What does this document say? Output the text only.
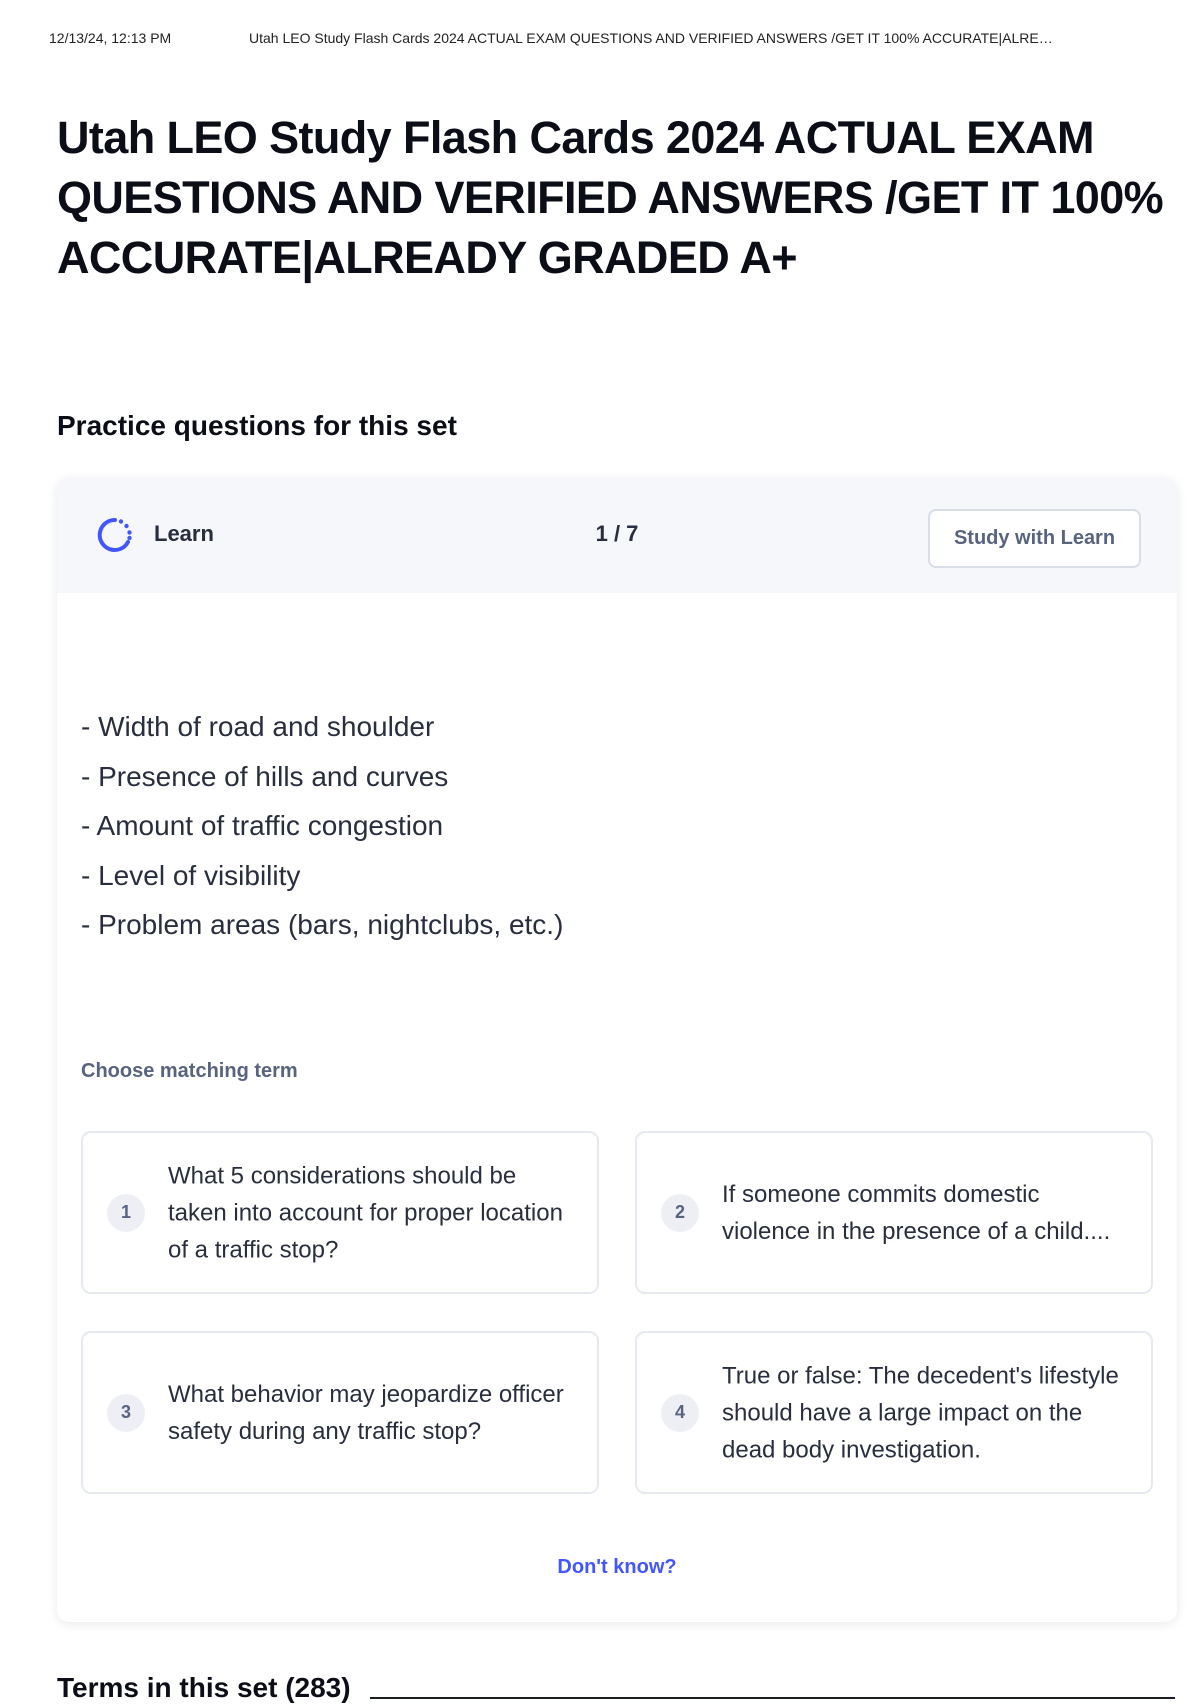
12/13/24, 12:13 PM	Utah LEO Study Flash Cards 2024 ACTUAL EXAM QUESTIONS AND VERIFIED ANSWERS /GET IT 100% ACCURATE|ALRE…
Utah LEO Study Flash Cards 2024 ACTUAL EXAM QUESTIONS AND VERIFIED ANSWERS /GET IT 100% ACCURATE|ALREADY GRADED A+
Practice questions for this set
Learn	1 / 7	Study with Learn
- Width of road and shoulder
- Presence of hills and curves
- Amount of traffic congestion
- Level of visibility
- Problem areas (bars, nightclubs, etc.)
Choose matching term
1
What 5 considerations should be taken into account for proper location of a traffic stop?
2
If someone commits domestic violence in the presence of a child....
3
What behavior may jeopardize officer safety during any traffic stop?
4
True or false: The decedent's lifestyle should have a large impact on the dead body investigation.
Don't know?
Terms in this set (283)
